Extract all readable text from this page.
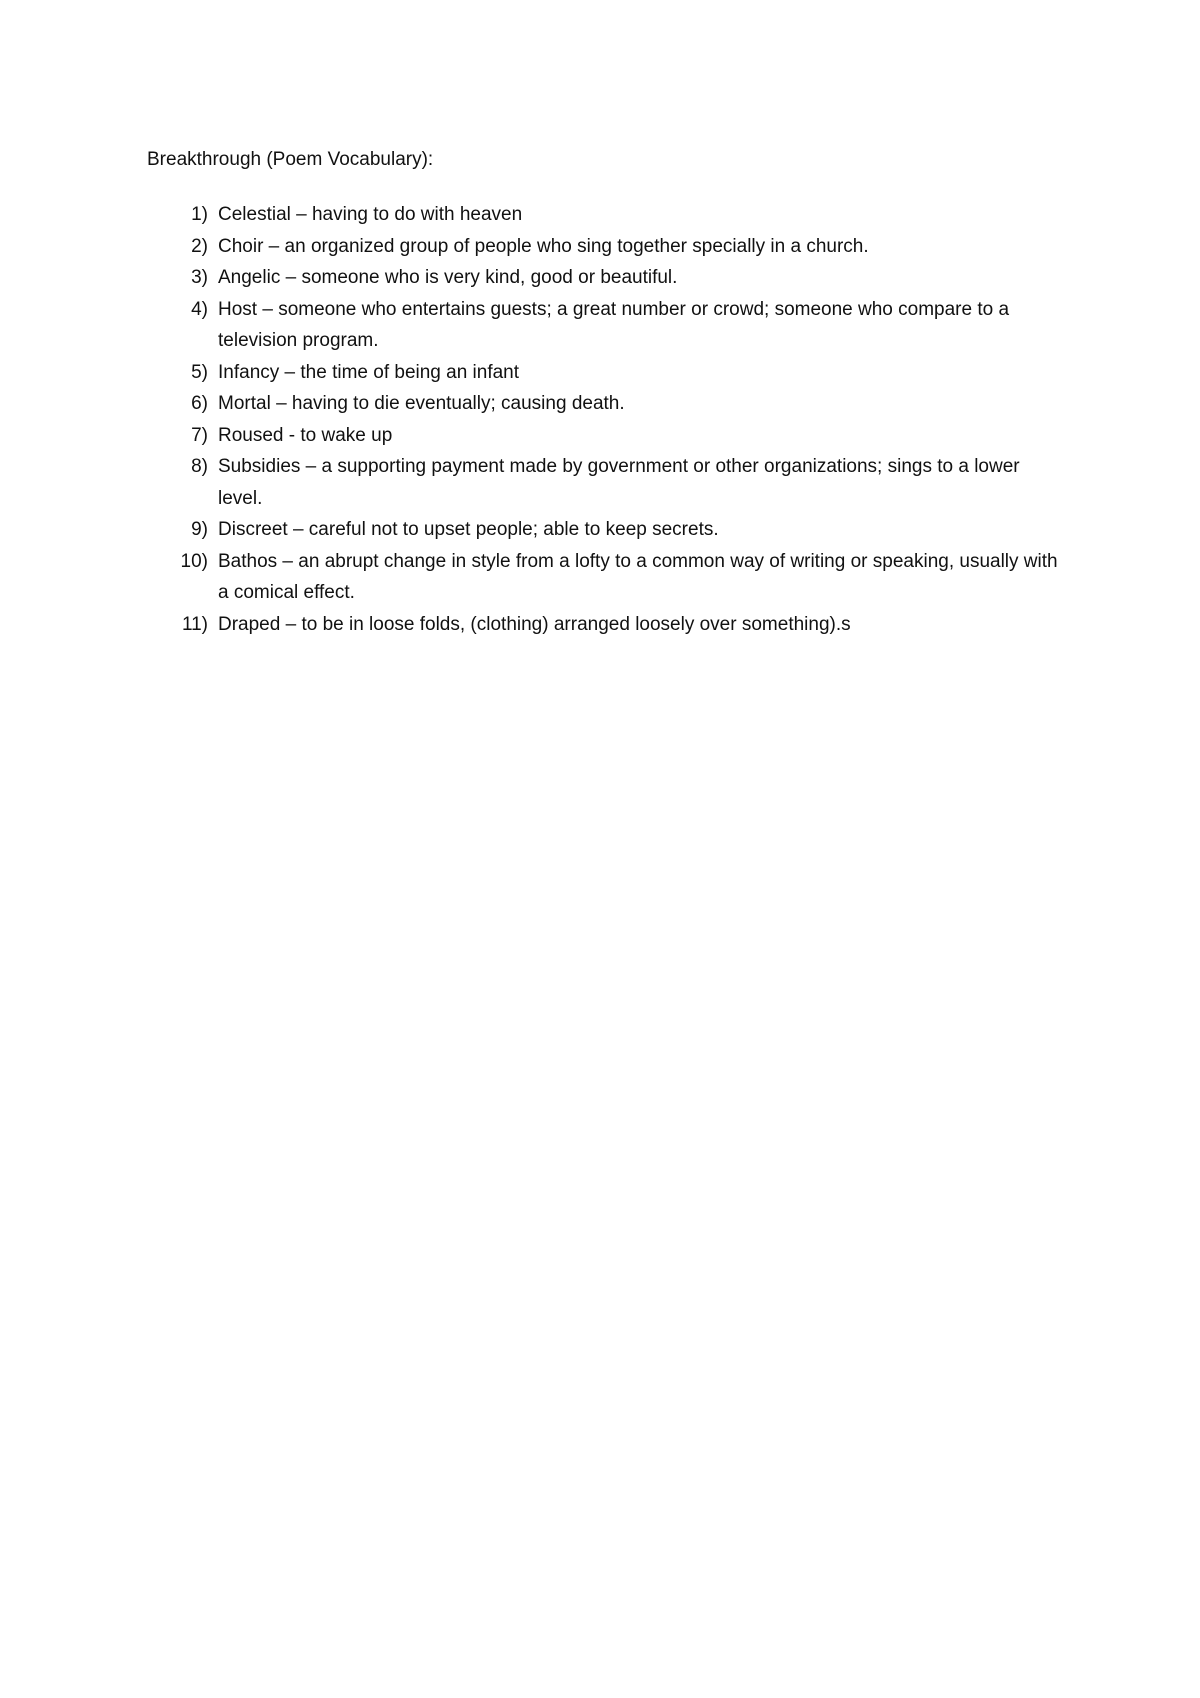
Breakthrough (Poem Vocabulary):
1) Celestial – having to do with heaven
2) Choir – an organized group of people who sing together specially in a church.
3) Angelic – someone who is very kind, good or beautiful.
4) Host – someone who entertains guests; a great number or crowd; someone who compare to a television program.
5) Infancy – the time of being an infant
6) Mortal – having to die eventually; causing death.
7) Roused - to wake up
8) Subsidies – a supporting payment made by government or other organizations; sings to a lower level.
9) Discreet – careful not to upset people; able to keep secrets.
10) Bathos – an abrupt change in style from a lofty to a common way of writing or speaking, usually with a comical effect.
11) Draped – to be in loose folds, (clothing) arranged loosely over something).s
